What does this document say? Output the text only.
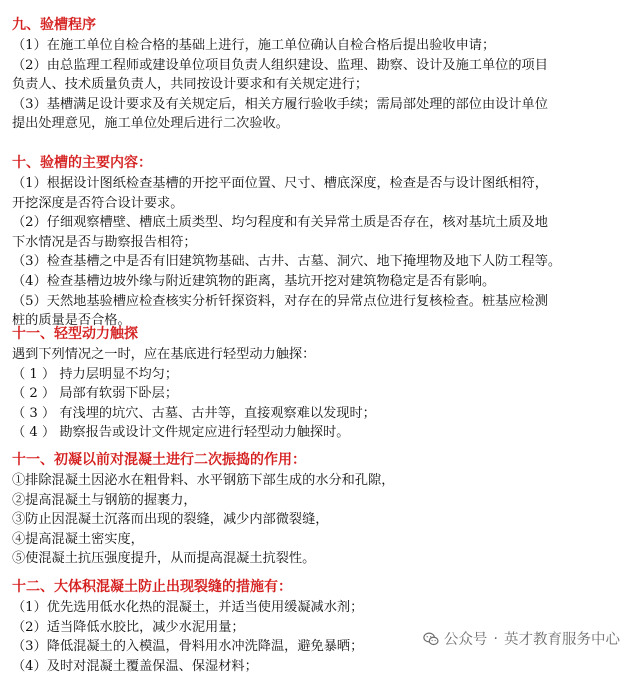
九、验槽程序
（1）在施工单位自检合格的基础上进行，施工单位确认自检合格后提出验收申请；
（2）由总监理工程师或建设单位项目负责人组织建设、监理、勘察、设计及施工单位的项目
负责人、技术质量负责人，共同按设计要求和有关规定进行；
（3）基槽满足设计要求及有关规定后，相关方履行验收手续；需局部处理的部位由设计单位
提出处理意见，施工单位处理后进行二次验收。
十、验槽的主要内容：
（1）根据设计图纸检查基槽的开挖平面位置、尺寸、槽底深度，检查是否与设计图纸相符，
开挖深度是否符合设计要求。
（2）仔细观察槽壁、槽底土质类型、均匀程度和有关异常土质是否存在，核对基坑土质及地
下水情况是否与勘察报告相符；
（3）检查基槽之中是否有旧建筑物基础、古井、古墓、洞穴、地下掩埋物及地下人防工程等。
（4）检查基槽边坡外缘与附近建筑物的距离，基坑开挖对建筑物稳定是否有影响。
（5）天然地基验槽应检查核实分析钎探资料，对存在的异常点位进行复核检查。桩基应检测
桩的质量是否合格。
十一、轻型动力触探
遇到下列情况之一时，应在基底进行轻型动力触探：
（ 1 ） 持力层明显不均匀；
（ 2 ） 局部有软弱下卧层；
（ 3 ） 有浅埋的坑穴、古墓、古井等，直接观察难以发现时；
（ 4 ） 勘察报告或设计文件规定应进行轻型动力触探时。
十一、初凝以前对混凝土进行二次振捣的作用：
①排除混凝土因泌水在粗骨料、水平钢筋下部生成的水分和孔隙，
②提高混凝土与钢筋的握裹力，
③防止因混凝土沉落而出现的裂缝，减少内部微裂缝，
④提高混凝土密实度，
⑤使混凝土抗压强度提升，从而提高混凝土抗裂性。
十二、大体积混凝土防止出现裂缝的措施有：
（1）优先选用低水化热的混凝土，并适当使用缓凝减水剂；
（2）适当降低水胶比，减少水泥用量；
（3）降低混凝土的入模温，骨料用水冲洗降温，避免暴晒；
（4）及时对混凝土覆盖保温、保湿材料；
公众号 · 英才教育服务中心
